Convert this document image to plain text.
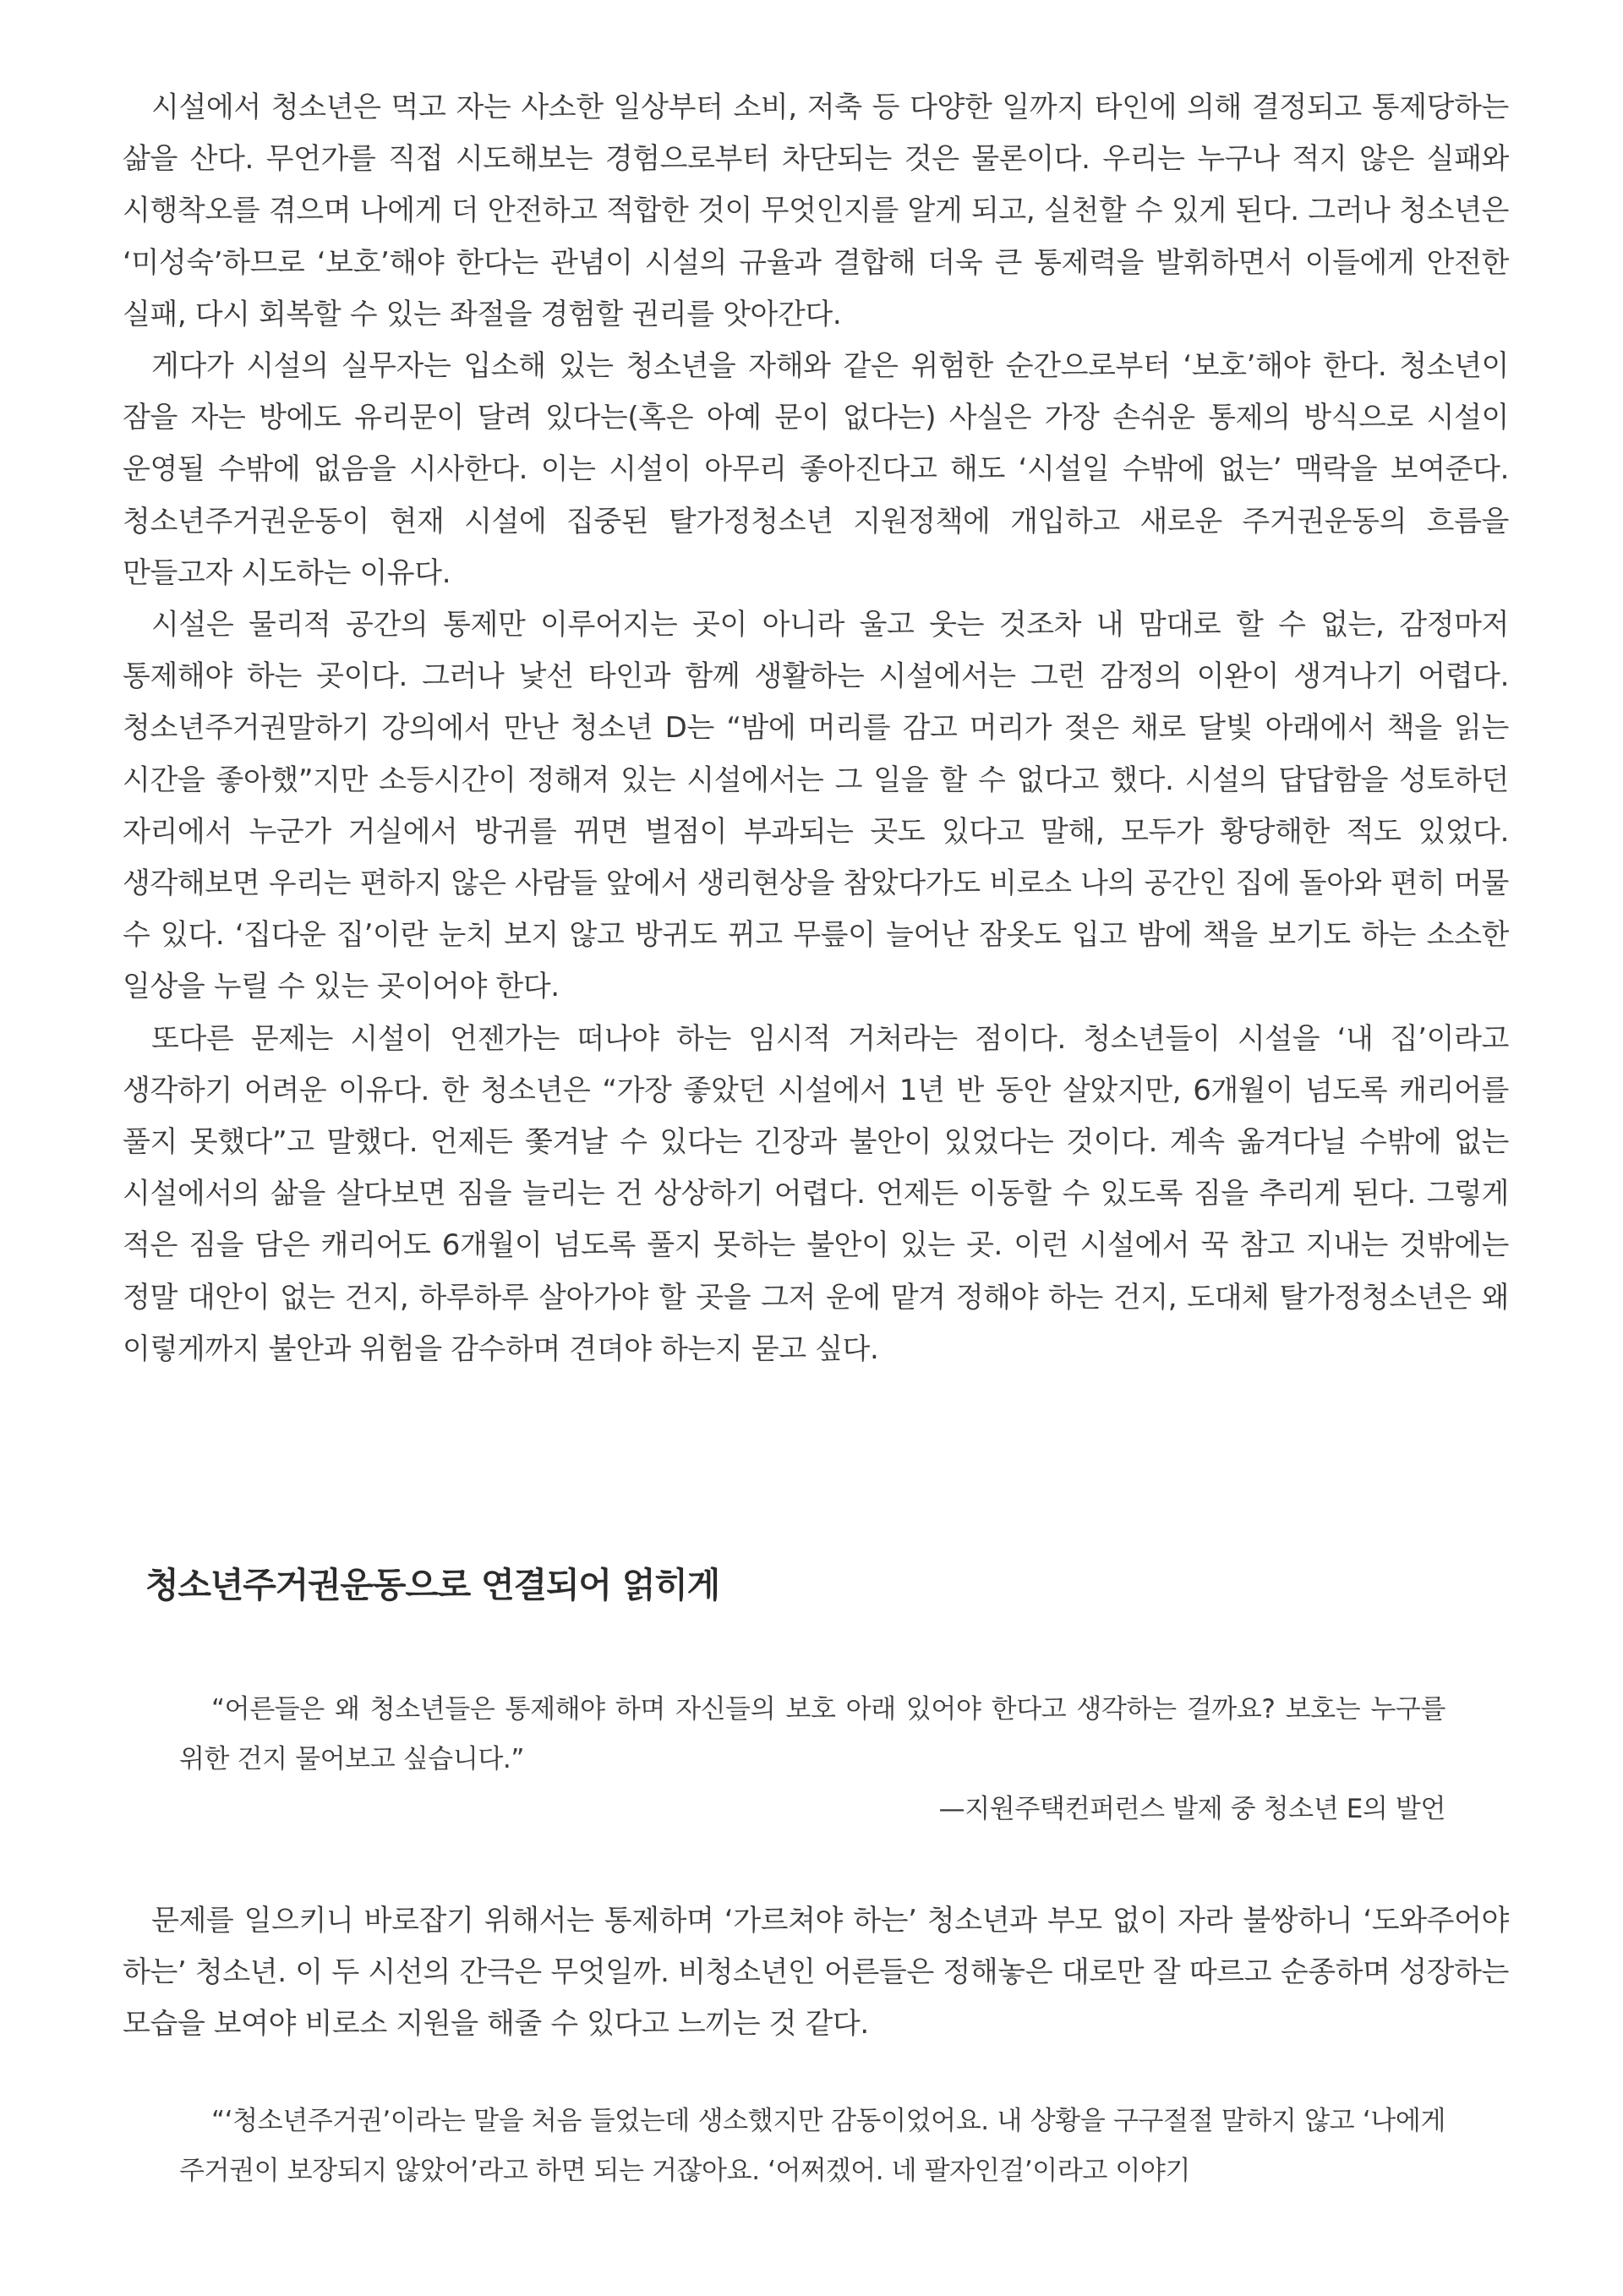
시설에서 청소년은 먹고 자는 사소한 일상부터 소비, 저축 등 다양한 일까지 타인에 의해 결정되고 통제당하는 삶을 산다. 무언가를 직접 시도해보는 경험으로부터 차단되는 것은 물론이다. 우리는 누구나 적지 않은 실패와 시행착오를 겪으며 나에게 더 안전하고 적합한 것이 무엇인지를 알게 되고, 실천할 수 있게 된다. 그러나 청소년은 ‘미성숙’하므로 ‘보호’해야 한다는 관념이 시설의 규율과 결합해 더욱 큰 통제력을 발휘하면서 이들에게 안전한 실패, 다시 회복할 수 있는 좌절을 경험할 권리를 앗아간다.

게다가 시설의 실무자는 입소해 있는 청소년을 자해와 같은 위험한 순간으로부터 ‘보호’해야 한다. 청소년이 잠을 자는 방에도 유리문이 달려 있다는(혹은 아예 문이 없다는) 사실은 가장 손쉬운 통제의 방식으로 시설이 운영될 수밖에 없음을 시사한다. 이는 시설이 아무리 좋아진다고 해도 ‘시설일 수밖에 없는’ 맥락을 보여준다. 청소년주거권운동이 현재 시설에 집중된 탈가정청소년 지원정책에 개입하고 새로운 주거권운동의 흐름을 만들고자 시도하는 이유다.

시설은 물리적 공간의 통제만 이루어지는 곳이 아니라 울고 웃는 것조차 내 맘대로 할 수 없는, 감정마저 통제해야 하는 곳이다. 그러나 낯선 타인과 함께 생활하는 시설에서는 그런 감정의 이완이 생겨나기 어렵다. 청소년주거권말하기 강의에서 만난 청소년 D는 “밤에 머리를 감고 머리가 젖은 채로 달빛 아래에서 책을 읽는 시간을 좋아했”지만 소등시간이 정해져 있는 시설에서는 그 일을 할 수 없다고 했다. 시설의 답답함을 성토하던 자리에서 누군가 거실에서 방귀를 뀌면 벌점이 부과되는 곳도 있다고 말해, 모두가 황당해한 적도 있었다. 생각해보면 우리는 편하지 않은 사람들 앞에서 생리현상을 참았다가도 비로소 나의 공간인 집에 돌아와 편히 머물 수 있다. ‘집다운 집’이란 눈치 보지 않고 방귀도 뀌고 무릎이 늘어난 잠옷도 입고 밤에 책을 보기도 하는 소소한 일상을 누릴 수 있는 곳이어야 한다.

또다른 문제는 시설이 언젠가는 떠나야 하는 임시적 거처라는 점이다. 청소년들이 시설을 ‘내 집’이라고 생각하기 어려운 이유다. 한 청소년은 “가장 좋았던 시설에서 1년 반 동안 살았지만, 6개월이 넘도록 캐리어를 풀지 못했다”고 말했다. 언제든 쫓겨날 수 있다는 긴장과 불안이 있었다는 것이다. 계속 옮겨다닐 수밖에 없는 시설에서의 삶을 살다보면 짐을 늘리는 건 상상하기 어렵다. 언제든 이동할 수 있도록 짐을 추리게 된다. 그렇게 적은 짐을 담은 캐리어도 6개월이 넘도록 풀지 못하는 불안이 있는 곳. 이런 시설에서 꾹 참고 지내는 것밖에는 정말 대안이 없는 건지, 하루하루 살아가야 할 곳을 그저 운에 맡겨 정해야 하는 건지, 도대체 탈가정청소년은 왜 이렇게까지 불안과 위험을 감수하며 견뎌야 하는지 묻고 싶다.

청소년주거권운동으로 연결되어 얽히게

“어른들은 왜 청소년들은 통제해야 하며 자신들의 보호 아래 있어야 한다고 생각하는 걸까요? 보호는 누구를 위한 건지 물어보고 싶습니다.”

—지원주택컨퍼런스 발제 중 청소년 E의 발언

문제를 일으키니 바로잡기 위해서는 통제하며 ‘가르쳐야 하는’ 청소년과 부모 없이 자라 불쌍하니 ‘도와주어야 하는’ 청소년. 이 두 시선의 간극은 무엇일까. 비청소년인 어른들은 정해놓은 대로만 잘 따르고 순종하며 성장하는 모습을 보여야 비로소 지원을 해줄 수 있다고 느끼는 것 같다.

“‘청소년주거권’이라는 말을 처음 들었는데 생소했지만 감동이었어요. 내 상황을 구구절절 말하지 않고 ‘나에게 주거권이 보장되지 않았어’라고 하면 되는 거잖아요. ‘어쩌겠어. 네 팔자인걸’이라고 이야기
